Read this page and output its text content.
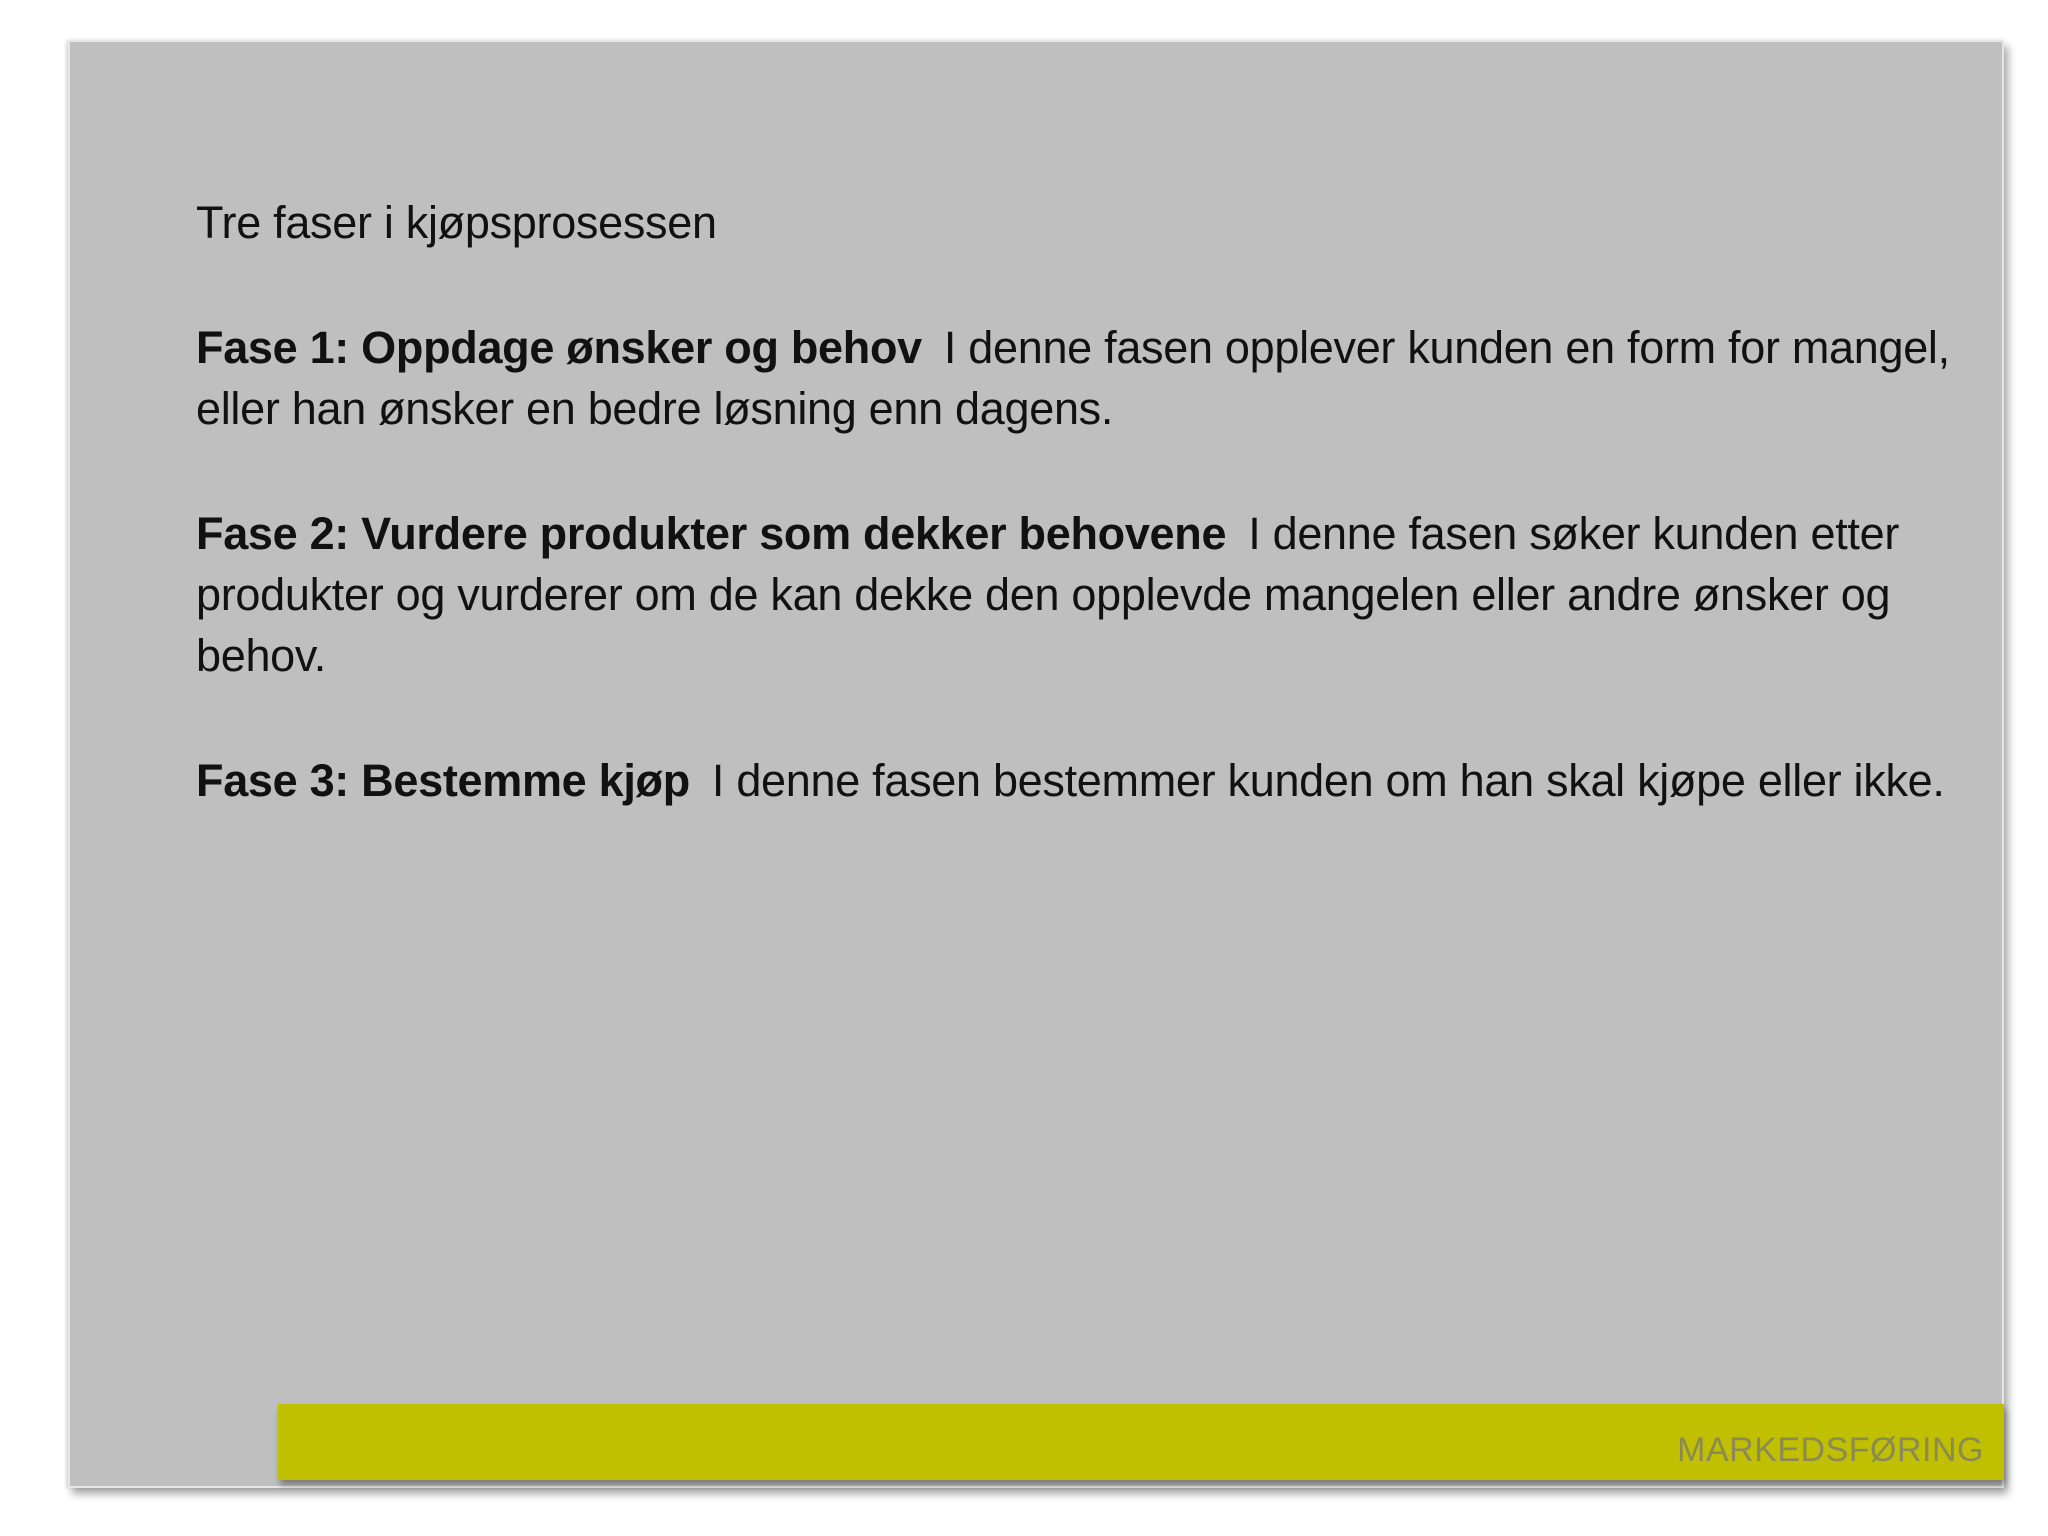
Tre faser i kjøpsprosessen

Fase 1: Oppdage ønsker og behov I denne fasen opplever kunden en form for mangel, eller han ønsker en bedre løsning enn dagens.

Fase 2: Vurdere produkter som dekker behovene I denne fasen søker kunden etter produkter og vurderer om de kan dekke den opplevde mangelen eller andre ønsker og behov.

Fase 3: Bestemme kjøp I denne fasen bestemmer kunden om han skal kjøpe eller ikke.

MARKEDSFØRING
